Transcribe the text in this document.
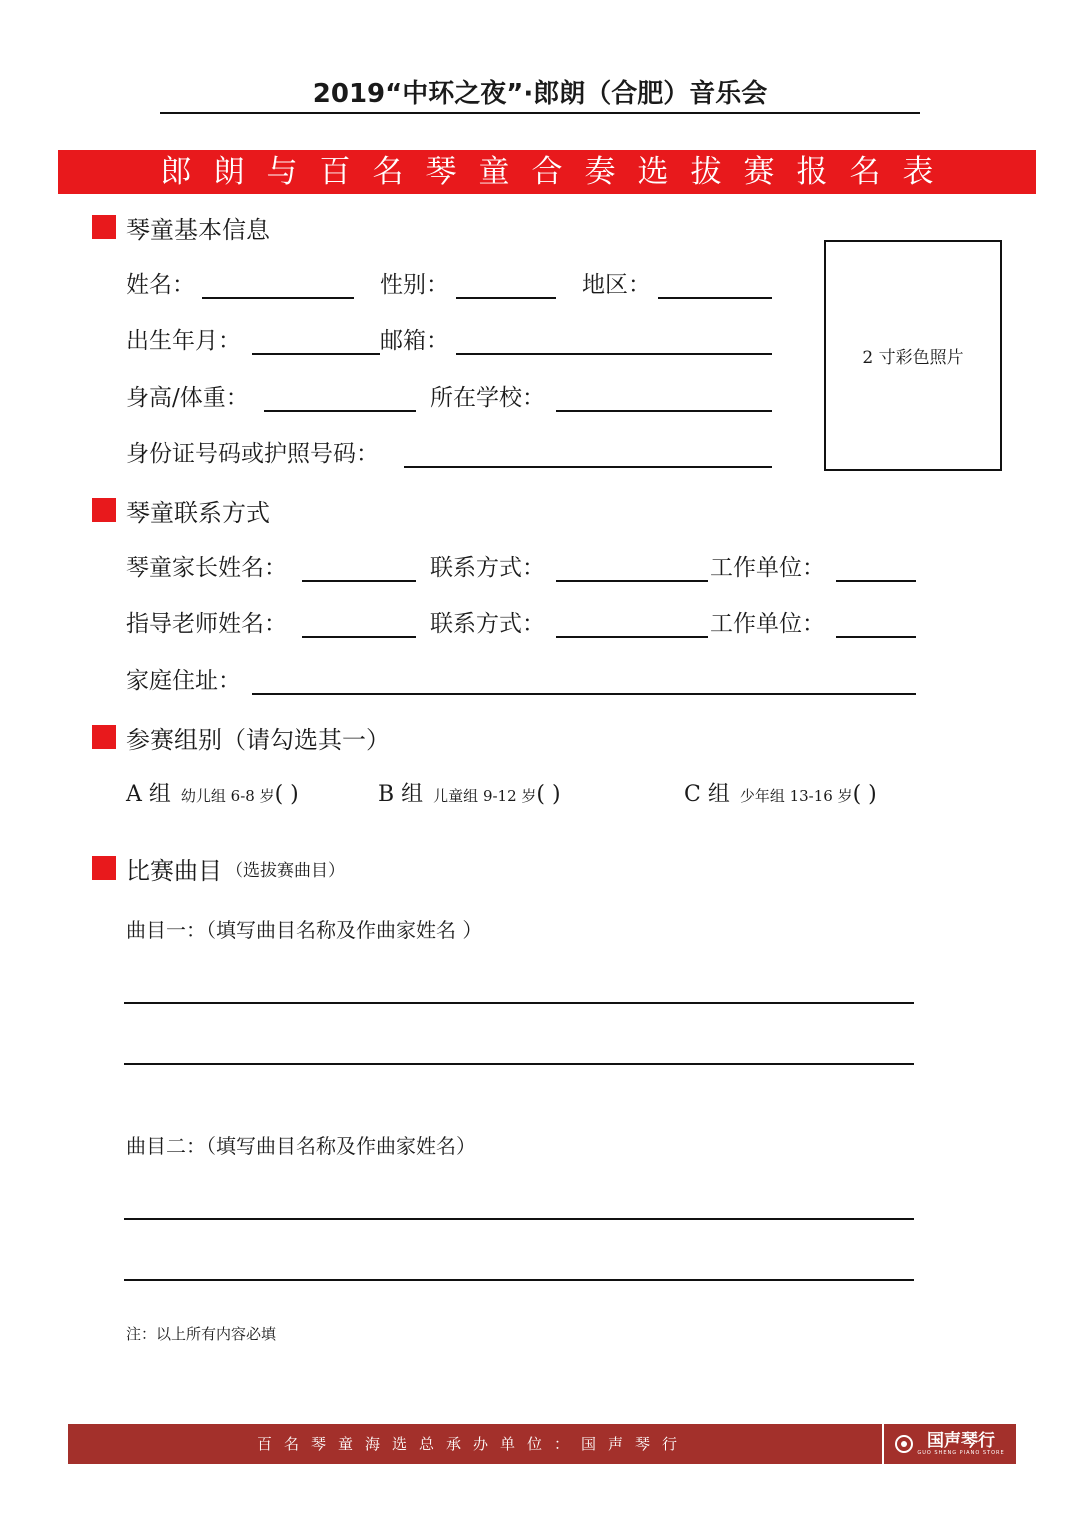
2019“中环之夜”·郎朗（合肥）音乐会
郎朗与百名琴童合奏选拔赛报名表
琴童基本信息
姓名：	性别：	地区：
出生年月：	邮箱：
身高/体重：	所在学校：
身份证号码或护照号码：
2 寸彩色照片
琴童联系方式
琴童家长姓名：	联系方式：	工作单位：
指导老师姓名：	联系方式：	工作单位：
家庭住址：
参赛组别（请勾选其一）
A 组 幼儿组 6-8 岁( )	B 组 儿童组 9-12 岁( )	C 组 少年组 13-16 岁( )
比赛曲目 （选拔赛曲目）
曲目一：（填写曲目名称及作曲家姓名 ）
曲目二：（填写曲目名称及作曲家姓名）
注：以上所有内容必填
百名琴童海选总承办单位：国声琴行	国声琴行
GUO SHENG PIANO STORE
